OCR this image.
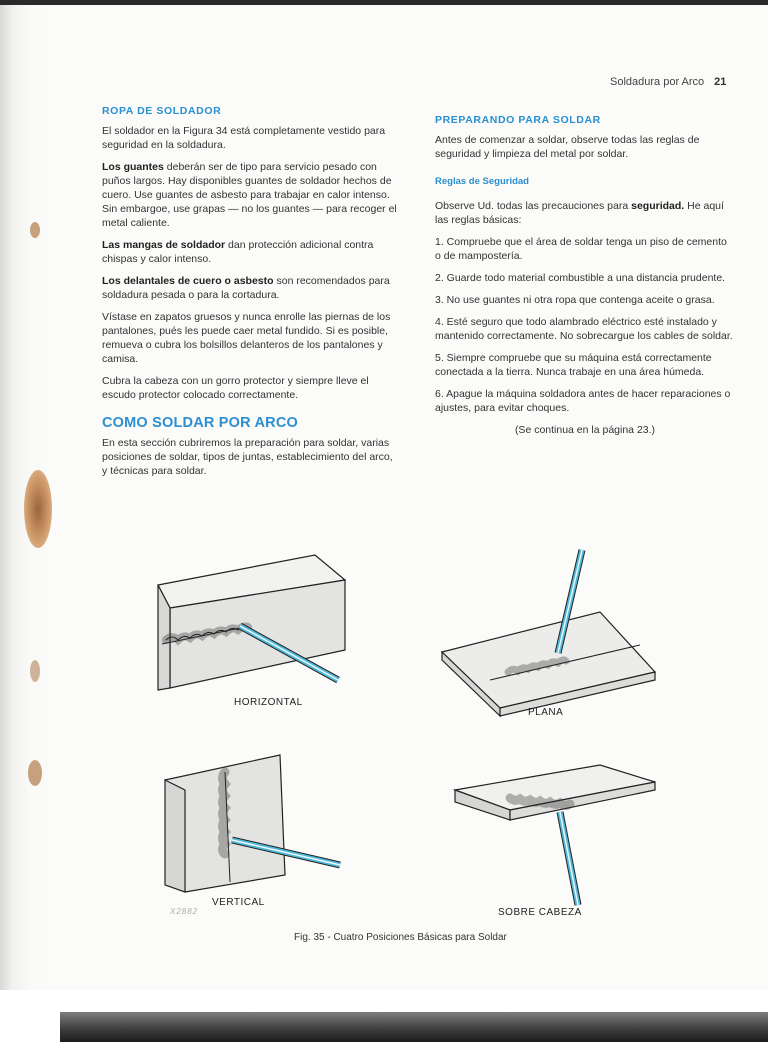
Soldadura por Arco 21
ROPA DE SOLDADOR

El soldador en la Figura 34 está completamente vestido para seguridad en la soldadura.

Los guantes deberán ser de tipo para servicio pesado con puños largos. Hay disponibles guantes de soldador hechos de cuero. Use guantes de asbesto para trabajar en calor intenso. Sin embargoe, use grapas — no los guantes — para recoger el metal caliente.

Las mangas de soldador dan protección adicional contra chispas y calor intenso.

Los delantales de cuero o asbesto son recomendados para soldadura pesada o para la cortadura.

Vístase en zapatos gruesos y nunca enrolle las piernas de los pantalones, pués les puede caer metal fundido. Si es posible, remueva o cubra los bolsillos delanteros de los pantalones y camisa.

Cubra la cabeza con un gorro protector y siempre lleve el escudo protector colocado correctamente.

COMO SOLDAR POR ARCO

En esta sección cubriremos la preparación para soldar, varias posiciones de soldar, tipos de juntas, establecimiento del arco, y técnicas para soldar.

PREPARANDO PARA SOLDAR

Antes de comenzar a soldar, observe todas las reglas de seguridad y limpieza del metal por soldar.

Reglas de Seguridad

Observe Ud. todas las precauciones para seguridad. He aquí las reglas básicas:

1. Compruebe que el área de soldar tenga un piso de cemento o de mampostería.

2. Guarde todo material combustible a una distancia prudente.

3. No use guantes ni otra ropa que contenga aceite o grasa.

4. Esté seguro que todo alambrado eléctrico esté instalado y mantenido correctamente. No sobrecargue los cables de soldar.

5. Siempre compruebe que su máquina está correctamente conectada a la tierra. Nunca trabaje en una área húmeda.

6. Apague la máquina soldadora antes de hacer reparaciones o ajustes, para evitar choques.

(Se continua en la página 23.)
HORIZONTAL
PLANA
VERTICAL
SOBRE CABEZA
X2882
Fig. 35 - Cuatro Posiciones Básicas para Soldar
